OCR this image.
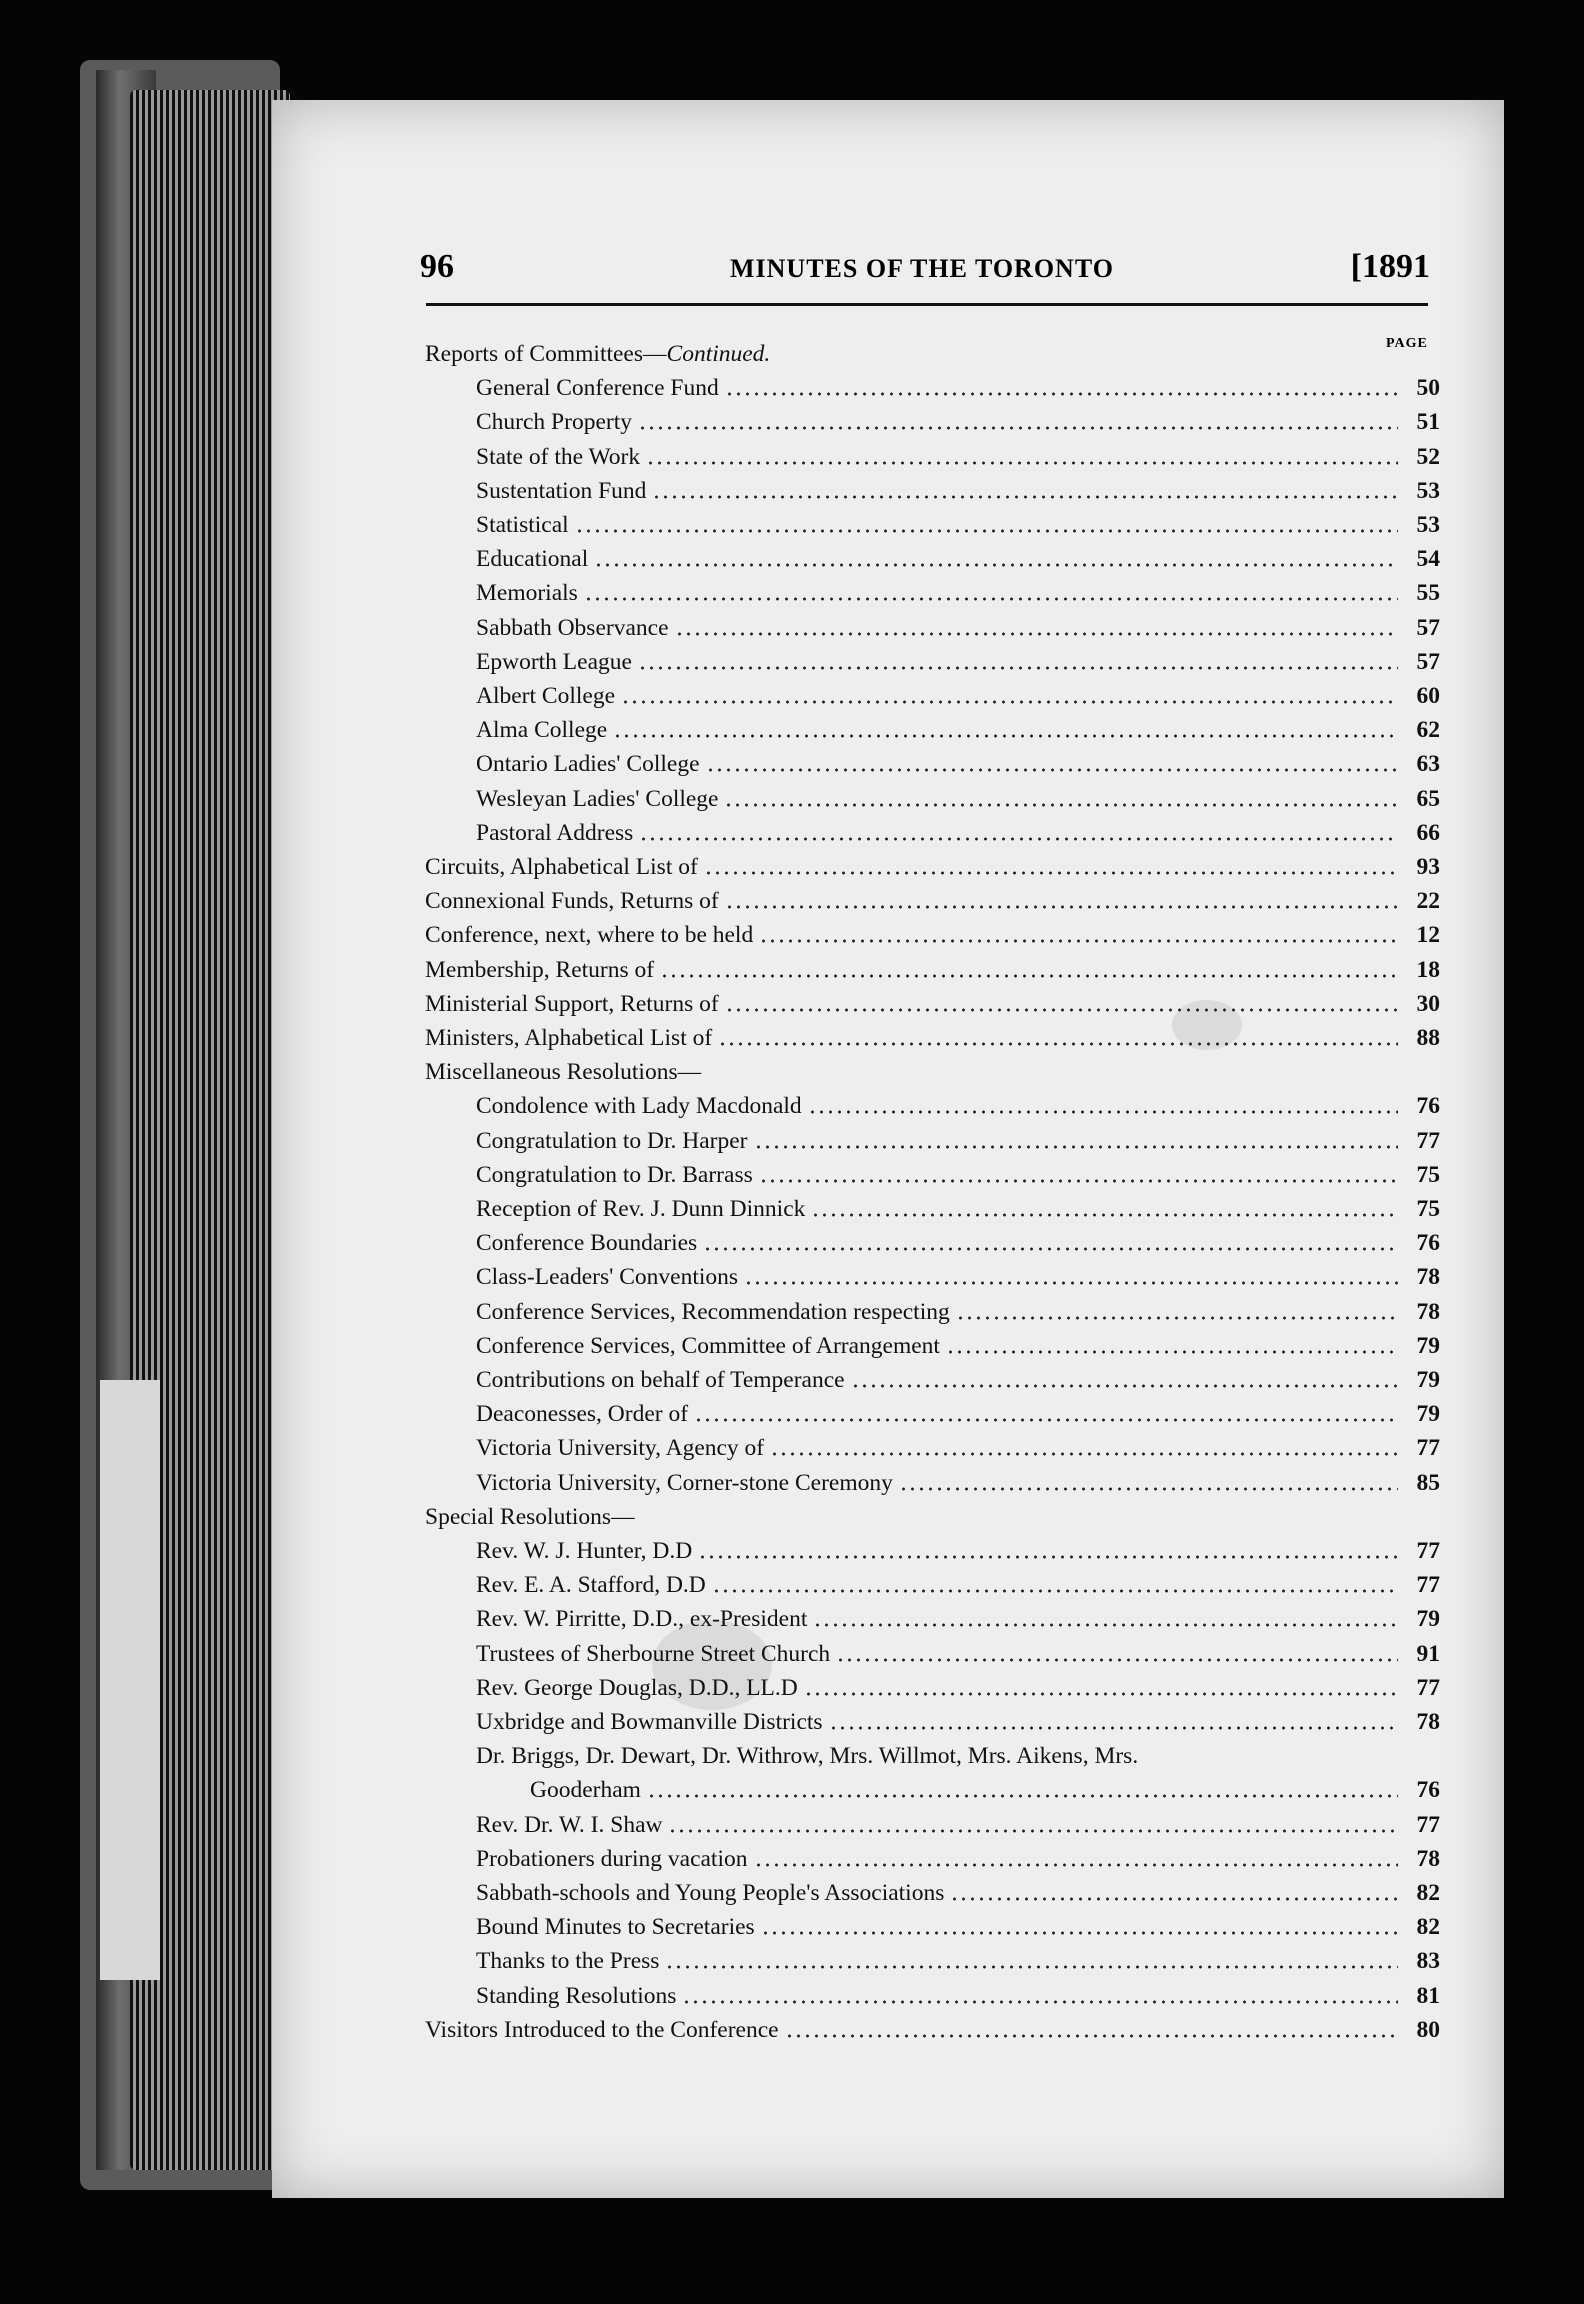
96	MINUTES OF THE TORONTO	[1891
PAGE
Reports of Committees—Continued.
General Conference Fund	50
Church Property	51
State of the Work	52
Sustentation Fund	53
Statistical	53
Educational	54
Memorials	55
Sabbath Observance	57
Epworth League	57
Albert College	60
Alma College	62
Ontario Ladies' College	63
Wesleyan Ladies' College	65
Pastoral Address	66
Circuits, Alphabetical List of	93
Connexional Funds, Returns of	22
Conference, next, where to be held	12
Membership, Returns of	18
Ministerial Support, Returns of	30
Ministers, Alphabetical List of	88
Miscellaneous Resolutions—
Condolence with Lady Macdonald	76
Congratulation to Dr. Harper	77
Congratulation to Dr. Barrass	75
Reception of Rev. J. Dunn Dinnick	75
Conference Boundaries	76
Class-Leaders' Conventions	78
Conference Services, Recommendation respecting	78
Conference Services, Committee of Arrangement	79
Contributions on behalf of Temperance	79
Deaconesses, Order of	79
Victoria University, Agency of	77
Victoria University, Corner-stone Ceremony	85
Special Resolutions—
Rev. W. J. Hunter, D.D	77
Rev. E. A. Stafford, D.D	77
Rev. W. Pirritte, D.D., ex-President	79
Trustees of Sherbourne Street Church	91
Rev. George Douglas, D.D., LL.D	77
Uxbridge and Bowmanville Districts	78
Dr. Briggs, Dr. Dewart, Dr. Withrow, Mrs. Willmot, Mrs. Aikens, Mrs.
Gooderham	76
Rev. Dr. W. I. Shaw	77
Probationers during vacation	78
Sabbath-schools and Young People's Associations	82
Bound Minutes to Secretaries	82
Thanks to the Press	83
Standing Resolutions	81
Visitors Introduced to the Conference	80
